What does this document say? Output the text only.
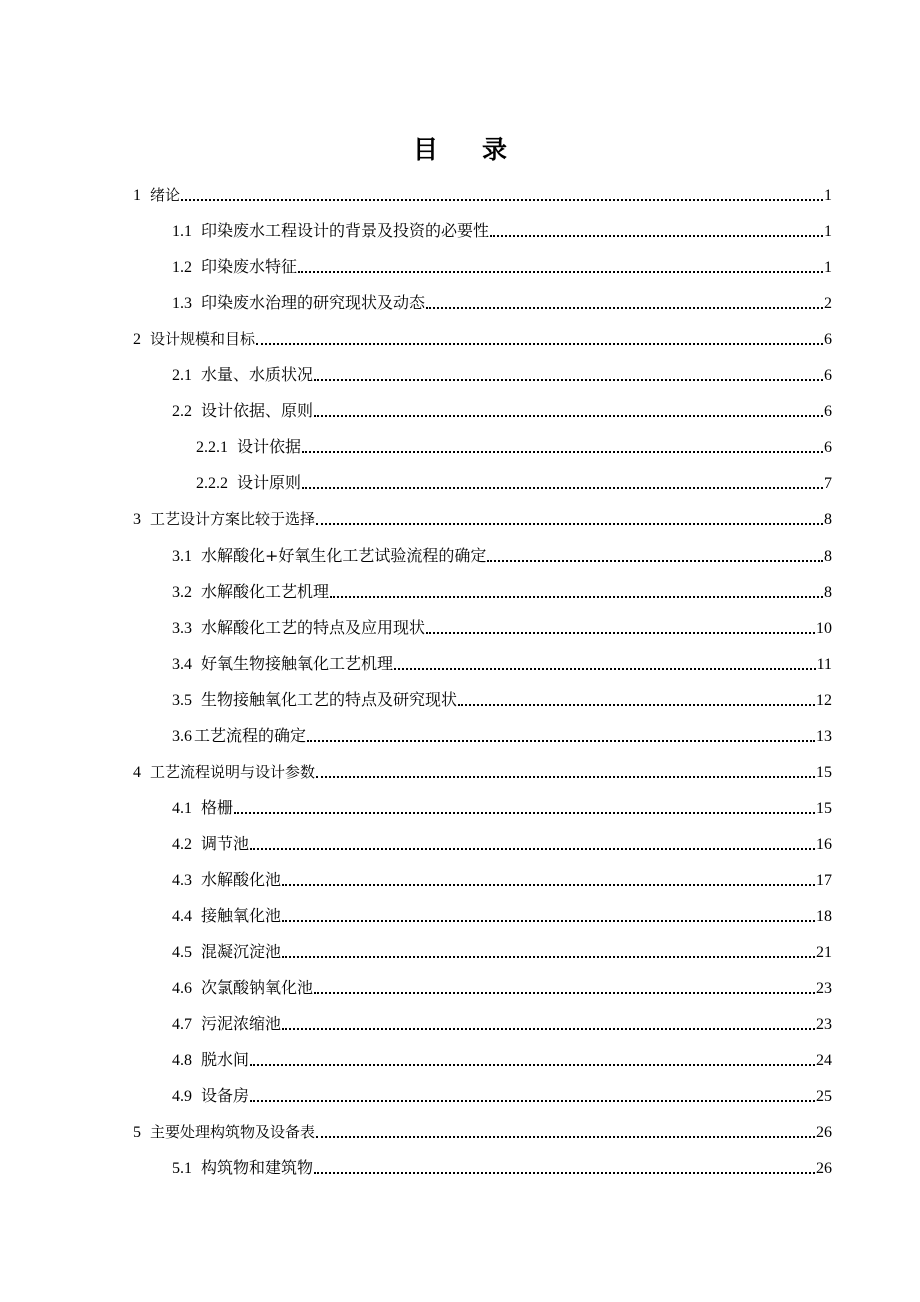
目 录
1 绪论	1
1.1 印染废水工程设计的背景及投资的必要性	1
1.2 印染废水特征	1
1.3 印染废水治理的研究现状及动态	2
2 设计规模和目标	6
2.1 水量、水质状况	6
2.2 设计依据、原则	6
2.2.1 设计依据	6
2.2.2 设计原则	7
3 工艺设计方案比较于选择	8
3.1 水解酸化+好氧生化工艺试验流程的确定	8
3.2 水解酸化工艺机理	8
3.3 水解酸化工艺的特点及应用现状	10
3.4 好氧生物接触氧化工艺机理	11
3.5 生物接触氧化工艺的特点及研究现状	12
3.6 工艺流程的确定	13
4 工艺流程说明与设计参数	15
4.1 格栅	15
4.2 调节池	16
4.3 水解酸化池	17
4.4 接触氧化池	18
4.5 混凝沉淀池	21
4.6 次氯酸钠氧化池	23
4.7 污泥浓缩池	23
4.8 脱水间	24
4.9 设备房	25
5 主要处理构筑物及设备表	26
5.1 构筑物和建筑物	26
